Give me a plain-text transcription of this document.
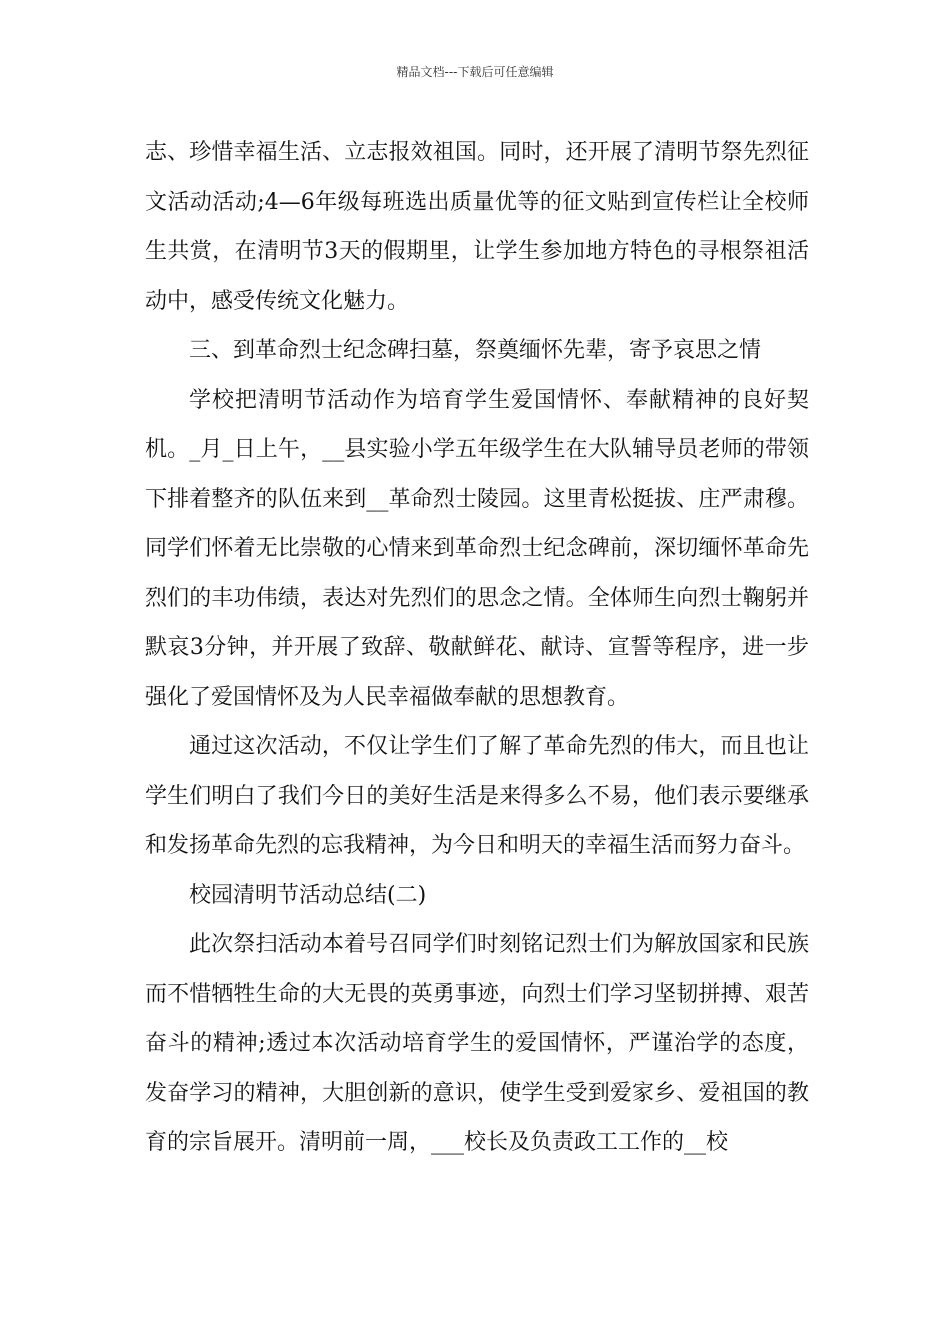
精品文档---下载后可任意编辑

志、珍惜幸福生活、立志报效祖国。同时，还开展了清明节祭先烈征文活动活动;4—6年级每班选出质量优等的征文贴到宣传栏让全校师生共赏，在清明节3天的假期里，让学生参加地方特色的寻根祭祖活动中，感受传统文化魅力。

三、到革命烈士纪念碑扫墓，祭奠缅怀先辈，寄予哀思之情

学校把清明节活动作为培育学生爱国情怀、奉献精神的良好契机。_月_日上午，__县实验小学五年级学生在大队辅导员老师的带领下排着整齐的队伍来到__革命烈士陵园。这里青松挺拔、庄严肃穆。同学们怀着无比崇敬的心情来到革命烈士纪念碑前，深切缅怀革命先烈们的丰功伟绩，表达对先烈们的思念之情。全体师生向烈士鞠躬并默哀3分钟，并开展了致辞、敬献鲜花、献诗、宣誓等程序，进一步强化了爱国情怀及为人民幸福做奉献的思想教育。

通过这次活动，不仅让学生们了解了革命先烈的伟大，而且也让学生们明白了我们今日的美好生活是来得多么不易，他们表示要继承和发扬革命先烈的忘我精神，为今日和明天的幸福生活而努力奋斗。

校园清明节活动总结(二)

此次祭扫活动本着号召同学们时刻铭记烈士们为解放国家和民族而不惜牺牲生命的大无畏的英勇事迹，向烈士们学习坚韧拼搏、艰苦奋斗的精神;透过本次活动培育学生的爱国情怀，严谨治学的态度，发奋学习的精神，大胆创新的意识，使学生受到爱家乡、爱祖国的教育的宗旨展开。清明前一周，___校长及负责政工工作的__校
